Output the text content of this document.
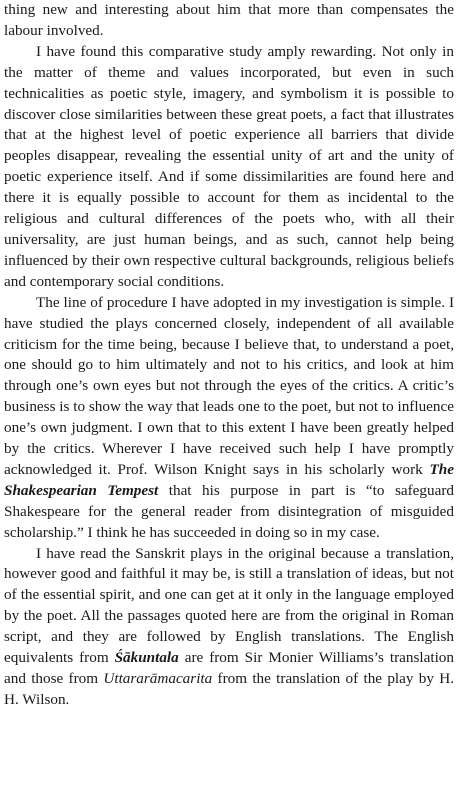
thing new and interesting about him that more than compensates the labour involved.

I have found this comparative study amply rewarding. Not only in the matter of theme and values incorporated, but even in such technicalities as poetic style, imagery, and symbolism it is possible to discover close similarities between these great poets, a fact that illustrates that at the highest level of poetic experience all barriers that divide peoples disappear, revealing the essential unity of art and the unity of poetic experience itself. And if some dissimilarities are found here and there it is equally possible to account for them as incidental to the religious and cultural differences of the poets who, with all their universality, are just human beings, and as such, cannot help being influenced by their own respective cultural backgrounds, religious beliefs and contemporary social conditions.

The line of procedure I have adopted in my investigation is simple. I have studied the plays concerned closely, independent of all available criticism for the time being, because I believe that, to understand a poet, one should go to him ultimately and not to his critics, and look at him through one’s own eyes but not through the eyes of the critics. A critic’s business is to show the way that leads one to the poet, but not to influence one’s own judgment. I own that to this extent I have been greatly helped by the critics. Wherever I have received such help I have promptly acknowledged it. Prof. Wilson Knight says in his scholarly work The Shakespearian Tempest that his purpose in part is “to safeguard Shakespeare for the general reader from disintegration of misguided scholarship.” I think he has succeeded in doing so in my case.

I have read the Sanskrit plays in the original because a translation, however good and faithful it may be, is still a translation of ideas, but not of the essential spirit, and one can get at it only in the language employed by the poet. All the passages quoted here are from the original in Roman script, and they are followed by English translations. The English equivalents from Śākuntala are from Sir Monier Williams’s translation and those from Uttararāmacarita from the translation of the play by H. H. Wilson.
